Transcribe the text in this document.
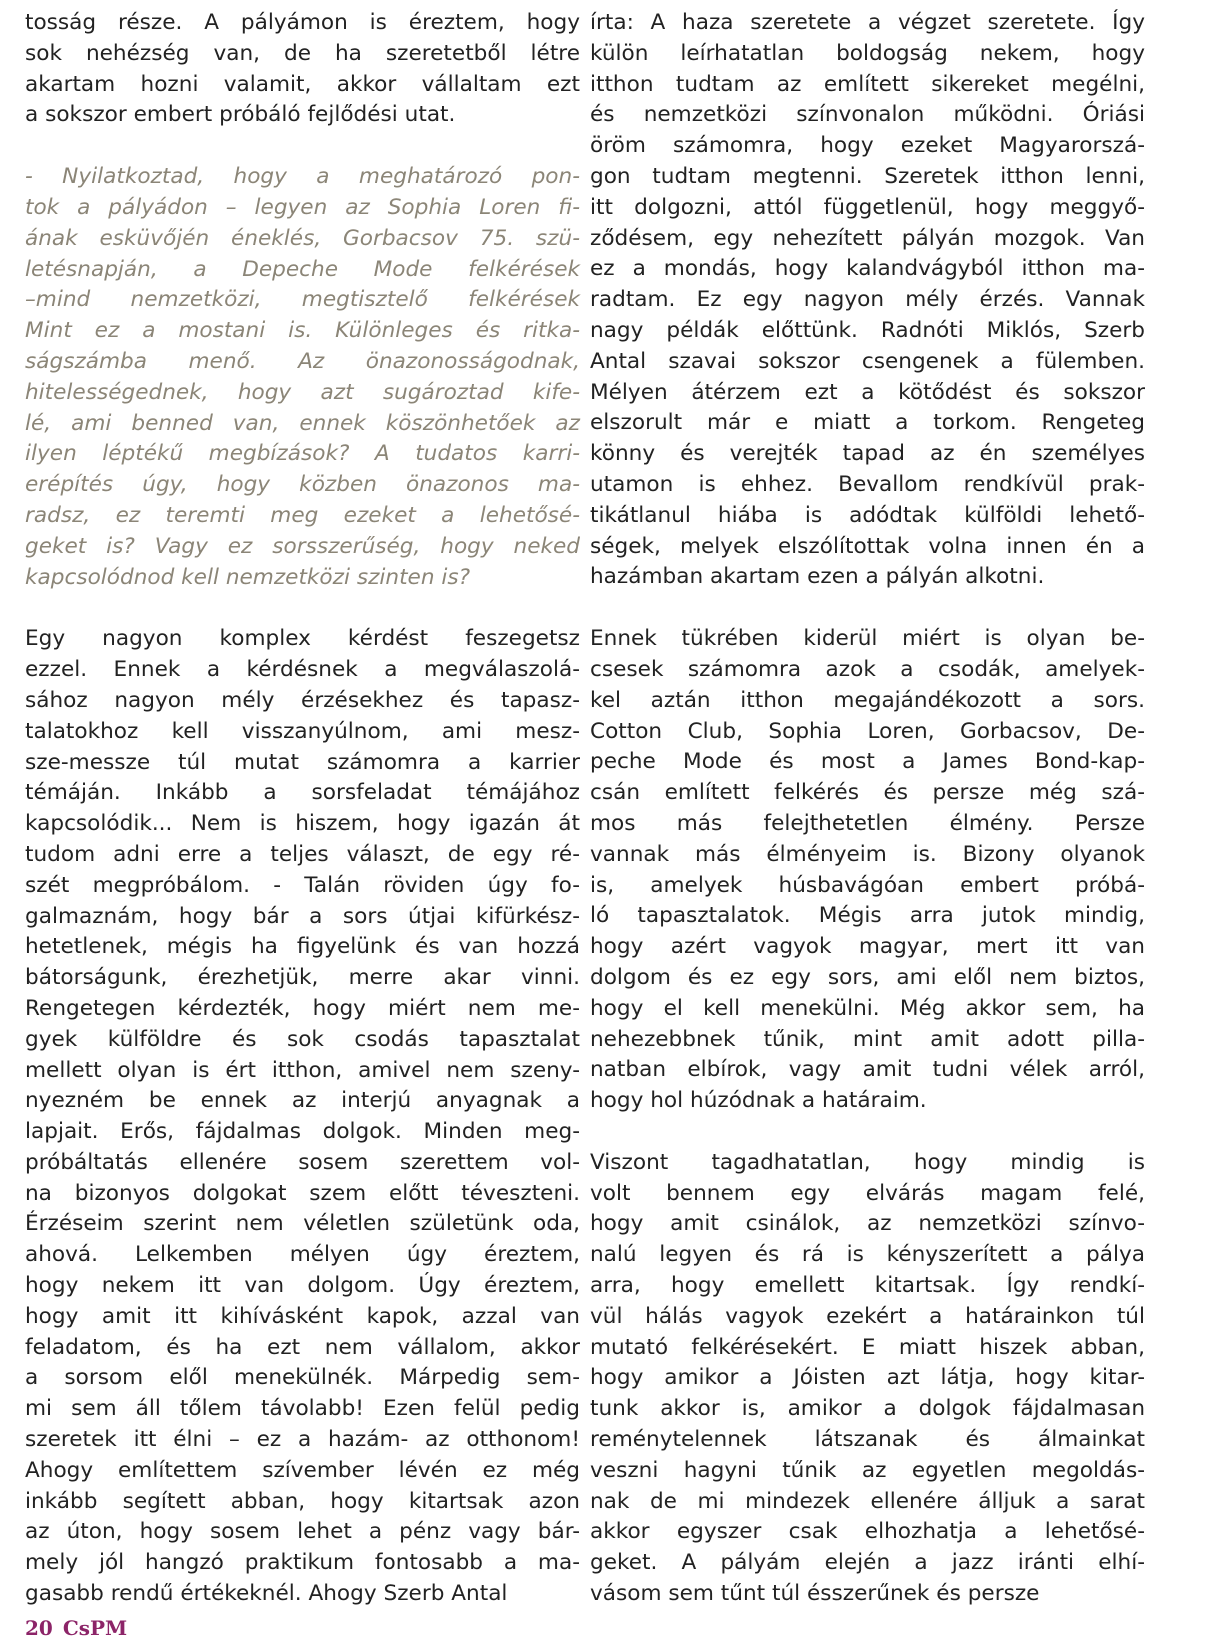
tosság része. A pályámon is éreztem, hogy
sok nehézség van, de ha szeretetből létre
akartam hozni valamit, akkor vállaltam ezt
a sokszor embert próbáló fejlődési utat.
- Nyilatkoztad, hogy a meghatározó pon-
tok a pályádon – legyen az Sophia Loren fi-
ának esküvőjén éneklés, Gorbacsov 75. szü-
letésnapján, a Depeche Mode felkérések
–mind nemzetközi, megtisztelő felkérések
Mint ez a mostani is. Különleges és ritka-
ságszámba menő. Az önazonosságodnak,
hitelességednek, hogy azt sugároztad kife-
lé, ami benned van, ennek köszönhetőek az
ilyen léptékű megbízások? A tudatos karri-
erépítés úgy, hogy közben önazonos ma-
radsz, ez teremti meg ezeket a lehetősé-
geket is? Vagy ez sorsszerűség, hogy neked
kapcsolódnod kell nemzetközi szinten is?
Egy nagyon komplex kérdést feszegetsz
ezzel. Ennek a kérdésnek a megválaszolá-
sához nagyon mély érzésekhez és tapasz-
talatokhoz kell visszanyúlnom, ami mesz-
sze-messze túl mutat számomra a karrier
témáján. Inkább a sorsfeladat témájához
kapcsolódik... Nem is hiszem, hogy igazán át
tudom adni erre a teljes választ, de egy ré-
szét megpróbálom. - Talán röviden úgy fo-
galmaznám, hogy bár a sors útjai kifürkész-
hetetlenek, mégis ha figyelünk és van hozzá
bátorságunk, érezhetjük, merre akar vinni.
Rengetegen kérdezték, hogy miért nem me-
gyek külföldre és sok csodás tapasztalat
mellett olyan is ért itthon, amivel nem szeny-
nyezném be ennek az interjú anyagnak a
lapjait. Erős, fájdalmas dolgok. Minden meg-
próbáltatás ellenére sosem szerettem vol-
na bizonyos dolgokat szem előtt téveszteni.
Érzéseim szerint nem véletlen születünk oda,
ahová. Lelkemben mélyen úgy éreztem,
hogy nekem itt van dolgom. Úgy éreztem,
hogy amit itt kihívásként kapok, azzal van
feladatom, és ha ezt nem vállalom, akkor
a sorsom elől menekülnék. Márpedig sem-
mi sem áll tőlem távolabb! Ezen felül pedig
szeretek itt élni – ez a hazám- az otthonom!
Ahogy említettem szívember lévén ez még
inkább segített abban, hogy kitartsak azon
az úton, hogy sosem lehet a pénz vagy bár-
mely jól hangzó praktikum fontosabb a ma-
gasabb rendű értékeknél. Ahogy Szerb Antal
írta: A haza szeretete a végzet szeretete. Így
külön leírhatatlan boldogság nekem, hogy
itthon tudtam az említett sikereket megélni,
és nemzetközi színvonalon működni. Óriási
öröm számomra, hogy ezeket Magyarorszá-
gon tudtam megtenni. Szeretek itthon lenni,
itt dolgozni, attól függetlenül, hogy meggyő-
ződésem, egy nehezített pályán mozgok. Van
ez a mondás, hogy kalandvágyból itthon ma-
radtam. Ez egy nagyon mély érzés. Vannak
nagy példák előttünk. Radnóti Miklós, Szerb
Antal szavai sokszor csengenek a fülemben.
Mélyen átérzem ezt a kötődést és sokszor
elszorult már e miatt a torkom. Rengeteg
könny és verejték tapad az én személyes
utamon is ehhez. Bevallom rendkívül prak-
tikátlanul hiába is adódtak külföldi lehető-
ségek, melyek elszólítottak volna innen én a
hazámban akartam ezen a pályán alkotni.
Ennek tükrében kiderül miért is olyan be-
csesek számomra azok a csodák, amelyek-
kel aztán itthon megajándékozott a sors.
Cotton Club, Sophia Loren, Gorbacsov, De-
peche Mode és most a James Bond-kap-
csán említett felkérés és persze még szá-
mos más felejthetetlen élmény. Persze
vannak más élményeim is. Bizony olyanok
is, amelyek húsbavágóan embert próbá-
ló tapasztalatok. Mégis arra jutok mindig,
hogy azért vagyok magyar, mert itt van
dolgom és ez egy sors, ami elől nem biztos,
hogy el kell menekülni. Még akkor sem, ha
nehezebbnek tűnik, mint amit adott pilla-
natban elbírok, vagy amit tudni vélek arról,
hogy hol húzódnak a határaim.
Viszont tagadhatatlan, hogy mindig is
volt bennem egy elvárás magam felé,
hogy amit csinálok, az nemzetközi színvo-
nalú legyen és rá is kényszerített a pálya
arra, hogy emellett kitartsak. Így rendkí-
vül hálás vagyok ezekért a határainkon túl
mutató felkérésekért. E miatt hiszek abban,
hogy amikor a Jóisten azt látja, hogy kitar-
tunk akkor is, amikor a dolgok fájdalmasan
reménytelennek látszanak és álmainkat
veszni hagyni tűnik az egyetlen megoldás-
nak de mi mindezek ellenére álljuk a sarat
akkor egyszer csak elhozhatja a lehetősé-
geket. A pályám elején a jazz iránti elhí-
vásom sem tűnt túl ésszerűnek és persze
20 CsPM
